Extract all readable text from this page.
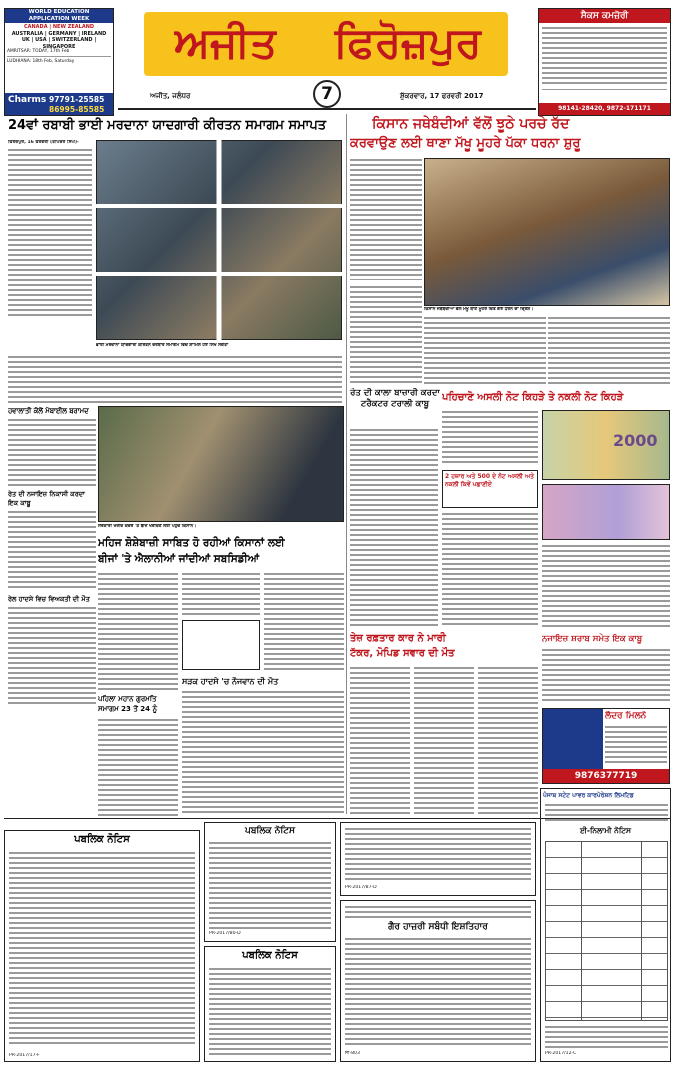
WORLD EDUCATION
APPLICATION WEEK
CANADA | NEW ZEALAND
AUSTRALIA | GERMANY | IRELAND
UK | USA | SWITZERLAND | SINGAPORE
AMRITSAR: TODAY, 17th Feb
LUDHIANA: 18th Feb, Saturday
Charms 97791-25585
86995-85585
ਅਜੀਤ ਫਿਰੋਜ਼ਪੁਰ
7
ਅਜੀਤ, ਜਲੰਧਰ	ਸ਼ੁੱਕਰਵਾਰ, 17 ਫਰਵਰੀ 2017
ਸੈਕਸ ਕਮਜ਼ੋਰੀ
98141-28420, 9872-171171
24ਵਾਂ ਰਬਾਬੀ ਭਾਈ ਮਰਦਾਨਾ ਯਾਦਗਾਰੀ ਕੀਰਤਨ ਸਮਾਗਮ ਸਮਾਪਤ
ਫਿਰੋਜ਼ਪੁਰ, 16 ਫਰਵਰੀ (ਤਪਿੰਦਰ ਸਿੰਘ)-
ਭਾਈ ਮਰਦਾਨਾ ਯਾਦਗਾਰੀ ਕੀਰਤਨ ਦਰਬਾਰ ਸਮਾਗਮ ਵਿਚ ਸ਼ਾਮਿਲ ਹੋਏ ਸਿੱਖ ਸੰਗਤਾਂ
ਕਿਸਾਨ ਜਥੇਬੰਦੀਆਂ ਵੱਲੋਂ ਝੂਠੇ ਪਰਚੇ ਰੱਦ
ਕਰਵਾਉਣ ਲਈ ਥਾਣਾ ਮੱਖੂ ਮੂਹਰੇ ਪੱਕਾ ਧਰਨਾ ਸ਼ੁਰੂ
ਕਿਸਾਨ ਜਥੇਬੰਦੀਆਂ ਵੱਲੋਂ ਮੱਖੂ ਥਾਣੇ ਮੂਹਰੇ ਦਿੱਤੇ ਗਏ ਧਰਨੇ ਦਾ ਦ੍ਰਿਸ਼।
ਰੇਤ ਦੀ ਕਾਲਾ ਬਾਜ਼ਾਰੀ ਕਰਦਾ ਟਰੈਕਟਰ ਟਰਾਲੀ ਕਾਬੂ
ਪਹਿਚਾਣੋ ਅਸਲੀ ਨੋਟ ਕਿਹੜੇ ਤੇ ਨਕਲੀ ਨੋਟ ਕਿਹੜੇ
2 ਹਜ਼ਾਰ ਅਤੇ 500 ਦੇ ਨੋਟ ਅਸਲੀ ਅਤੇ ਨਕਲੀ ਕਿਵੇਂ ਪਛਾਣੀਏ
2000
ਹਵਾਲਾਤੀ ਕੋਲੋਂ ਮੋਬਾਈਲ ਬਰਾਮਦ
ਸਰਕਾਰੀ ਖਰੀਦ ਕੇਂਦਰ 'ਤੇ ਬੀਜ ਖਰੀਦਣ ਲਈ ਪਹੁੰਚੇ ਕਿਸਾਨ।
ਰੇਤ ਦੀ ਨਜਾਇਜ਼ ਨਿਕਾਸੀ ਕਰਦਾ ਇਕ ਕਾਬੂ
ਮਹਿਜ ਸ਼ੋਸ਼ੇਬਾਜ਼ੀ ਸਾਬਿਤ ਹੋ ਰਹੀਆਂ ਕਿਸਾਨਾਂ ਲਈ
ਬੀਜਾਂ 'ਤੇ ਐਲਾਨੀਆਂ ਜਾਂਦੀਆਂ ਸਬਸਿਡੀਆਂ
ਰੇਲ ਹਾਦਸੇ ਵਿਚ ਵਿਅਕਤੀ ਦੀ ਮੌਤ
ਪਹਿਲਾ ਮਹਾਨ ਗੁਰਮਤਿ ਸਮਾਗਮ 23 ਤੋਂ 24 ਨੂੰ
ਸੜਕ ਹਾਦਸੇ 'ਚ ਨੌਜਵਾਨ ਦੀ ਮੌਤ
ਤੇਜ਼ ਰਫ਼ਤਾਰ ਕਾਰ ਨੇ ਮਾਰੀ
ਟੱਕਰ, ਮੋਪਿਡ ਸਵਾਰ ਦੀ ਮੌਤ
ਨਜਾਇਜ਼ ਸ਼ਰਾਬ ਸਮੇਤ ਇਕ ਕਾਬੂ
ਲੈਦਰ ਮਿਲਨੇ
9876377719
ਪਬਲਿਕ ਨੋਟਿਸ
PR-2017/17-F
ਪਬਲਿਕ ਨੋਟਿਸ
PR-2017/80-D
ਪਬਲਿਕ ਨੋਟਿਸ
PR-2017/87-D
ਗੈਰ ਹਾਜ਼ਰੀ ਸਬੰਧੀ ਇਸ਼ਤਿਹਾਰ
ਸੀ-803
ਪੰਜਾਬ ਸਟੇਟ ਪਾਵਰ ਕਾਰਪੋਰੇਸ਼ਨ ਲਿਮਟਿਡ
ਈ-ਨਿਲਾਮੀ ਨੋਟਿਸ
PR-2017/12-C
